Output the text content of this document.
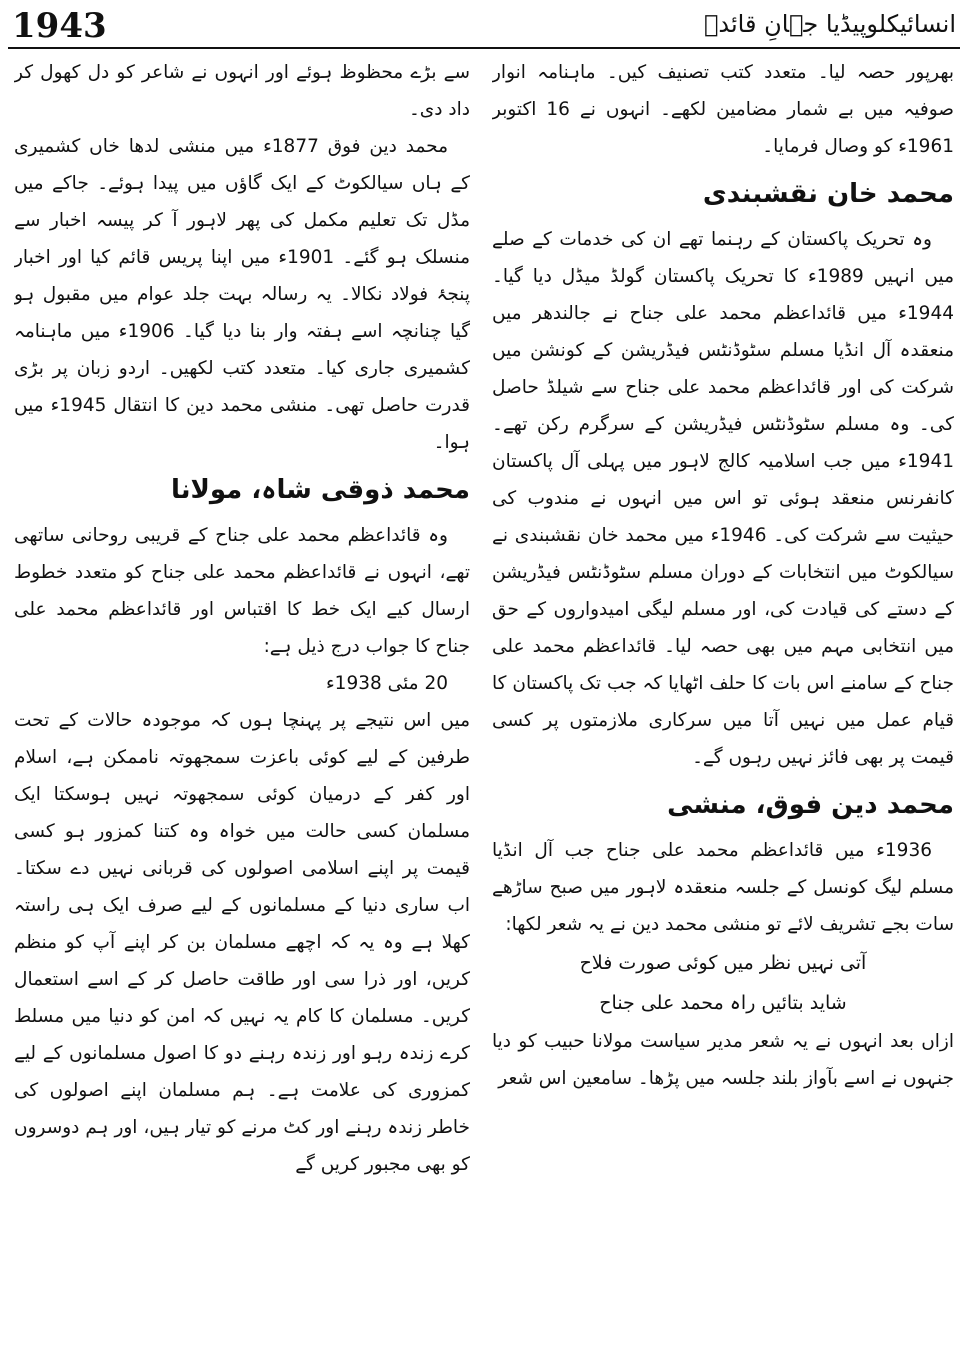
1943	انسائیکلوپیڈیا جہانِ قائدؒ

بھرپور حصہ لیا۔ متعدد کتب تصنیف کیں۔ ماہنامہ انوار صوفیہ میں بے شمار مضامین لکھے۔ انہوں نے 16 اکتوبر 1961ء کو وصال فرمایا۔

محمد خان نقشبندی

وہ تحریک پاکستان کے رہنما تھے ان کی خدمات کے صلے میں انہیں 1989ء کا تحریک پاکستان گولڈ میڈل دیا گیا۔ 1944ء میں قائداعظم محمد علی جناح نے جالندھر میں منعقدہ آل انڈیا مسلم سٹوڈنٹس فیڈریشن کے کونشن میں شرکت کی اور قائداعظم محمد علی جناح سے شیلڈ حاصل کی۔ وہ مسلم سٹوڈنٹس فیڈریشن کے سرگرم رکن تھے۔ 1941ء میں جب اسلامیہ کالج لاہور میں پہلی آل پاکستان کانفرنس منعقد ہوئی تو اس میں انہوں نے مندوب کی حیثیت سے شرکت کی۔ 1946ء میں محمد خان نقشبندی نے سیالکوٹ میں انتخابات کے دوران مسلم سٹوڈنٹس فیڈریشن کے دستے کی قیادت کی، اور مسلم لیگی امیدواروں کے حق میں انتخابی مہم میں بھی حصہ لیا۔ قائداعظم محمد علی جناح کے سامنے اس بات کا حلف اٹھایا کہ جب تک پاکستان کا قیام عمل میں نہیں آتا میں سرکاری ملازمتوں پر کسی قیمت پر بھی فائز نہیں رہوں گے۔

محمد دین فوق، منشی

1936ء میں قائداعظم محمد علی جناح جب آل انڈیا مسلم لیگ کونسل کے جلسہ منعقدہ لاہور میں صبح ساڑھے سات بجے تشریف لائے تو منشی محمد دین نے یہ شعر لکھا:

آتی نہیں نظر میں کوئی صورت فلاح
شاید بتائیں راہ محمد علی جناح

ازاں بعد انہوں نے یہ شعر مدیر سیاست مولانا حبیب کو دیا جنہوں نے اسے بآواز بلند جلسہ میں پڑھا۔ سامعین اس شعر

سے بڑے محظوظ ہوئے اور انہوں نے شاعر کو دل کھول کر داد دی۔

محمد دین فوق 1877ء میں منشی لدھا خاں کشمیری کے ہاں سیالکوٹ کے ایک گاؤں میں پیدا ہوئے۔ جاکے میں مڈل تک تعلیم مکمل کی پھر لاہور آ کر پیسہ اخبار سے منسلک ہو گئے۔ 1901ء میں اپنا پریس قائم کیا اور اخبار پنجۂ فولاد نکالا۔ یہ رسالہ بہت جلد عوام میں مقبول ہو گیا چنانچہ اسے ہفتہ وار بنا دیا گیا۔ 1906ء میں ماہنامہ کشمیری جاری کیا۔ متعدد کتب لکھیں۔ اردو زبان پر بڑی قدرت حاصل تھی۔ منشی محمد دین کا انتقال 1945ء میں ہوا۔

محمد ذوقی شاہ، مولانا

وہ قائداعظم محمد علی جناح کے قریبی روحانی ساتھی تھے، انہوں نے قائداعظم محمد علی جناح کو متعدد خطوط ارسال کیے ایک خط کا اقتباس اور قائداعظم محمد علی جناح کا جواب درج ذیل ہے:

20 مئی 1938ء

میں اس نتیجے پر پہنچا ہوں کہ موجودہ حالات کے تحت طرفین کے لیے کوئی باعزت سمجھوتہ ناممکن ہے، اسلام اور کفر کے درمیان کوئی سمجھوتہ نہیں ہوسکتا ایک مسلمان کسی حالت میں خواہ وہ کتنا کمزور ہو کسی قیمت پر اپنے اسلامی اصولوں کی قربانی نہیں دے سکتا۔ اب ساری دنیا کے مسلمانوں کے لیے صرف ایک ہی راستہ کھلا ہے وہ یہ کہ اچھے مسلمان بن کر اپنے آپ کو منظم کریں، اور ذرا سی اور طاقت حاصل کر کے اسے استعمال کریں۔ مسلمان کا کام یہ نہیں کہ امن کو دنیا میں مسلط کرے زندہ رہو اور زندہ رہنے دو کا اصول مسلمانوں کے لیے کمزوری کی علامت ہے۔ ہم مسلمان اپنے اصولوں کی خاطر زندہ رہنے اور کٹ مرنے کو تیار ہیں، اور ہم دوسروں کو بھی مجبور کریں گے
